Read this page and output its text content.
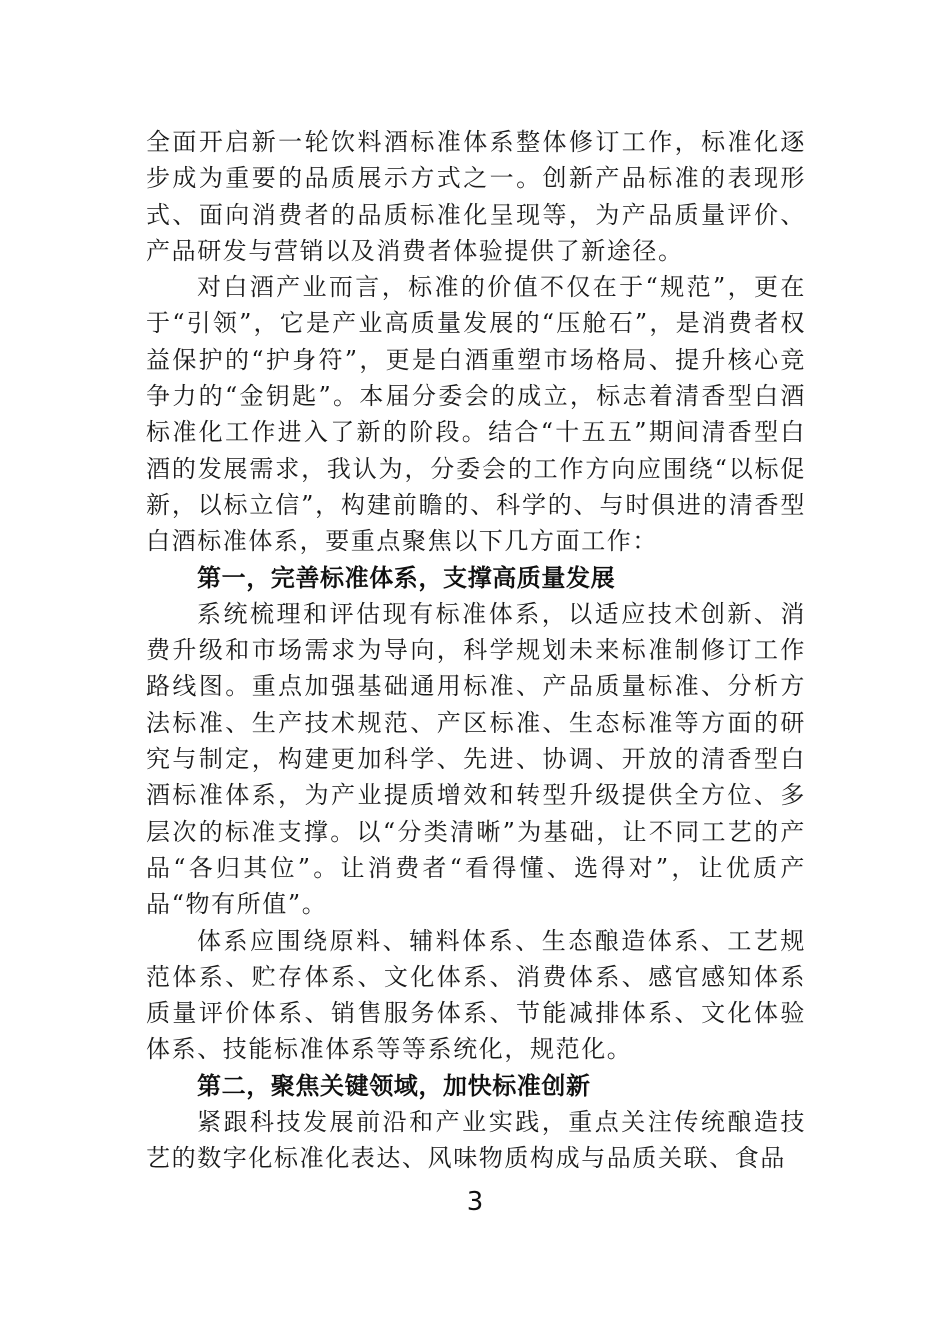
全面开启新一轮饮料酒标准体系整体修订工作，标准化逐步成为重要的品质展示方式之一。创新产品标准的表现形式、面向消费者的品质标准化呈现等，为产品质量评价、产品研发与营销以及消费者体验提供了新途径。

对白酒产业而言，标准的价值不仅在于“规范”，更在于“引领”，它是产业高质量发展的“压舱石”，是消费者权益保护的“护身符”，更是白酒重塑市场格局、提升核心竞争力的“金钥匙”。本届分委会的成立，标志着清香型白酒标准化工作进入了新的阶段。结合“十五五”期间清香型白酒的发展需求，我认为，分委会的工作方向应围绕“以标促新，以标立信”，构建前瞻的、科学的、与时俱进的清香型白酒标准体系，要重点聚焦以下几方面工作：

第一，完善标准体系，支撑高质量发展

系统梳理和评估现有标准体系，以适应技术创新、消费升级和市场需求为导向，科学规划未来标准制修订工作路线图。重点加强基础通用标准、产品质量标准、分析方法标准、生产技术规范、产区标准、生态标准等方面的研究与制定，构建更加科学、先进、协调、开放的清香型白酒标准体系，为产业提质增效和转型升级提供全方位、多层次的标准支撑。以“分类清晰”为基础，让不同工艺的产品“各归其位”。让消费者“看得懂、选得对”，让优质产品“物有所值”。

体系应围绕原料、辅料体系、生态酿造体系、工艺规范体系、贮存体系、文化体系、消费体系、感官感知体系质量评价体系、销售服务体系、节能减排体系、文化体验体系、技能标准体系等等系统化，规范化。

第二，聚焦关键领域，加快标准创新

紧跟科技发展前沿和产业实践，重点关注传统酿造技艺的数字化标准化表达、风味物质构成与品质关联、食品

3
